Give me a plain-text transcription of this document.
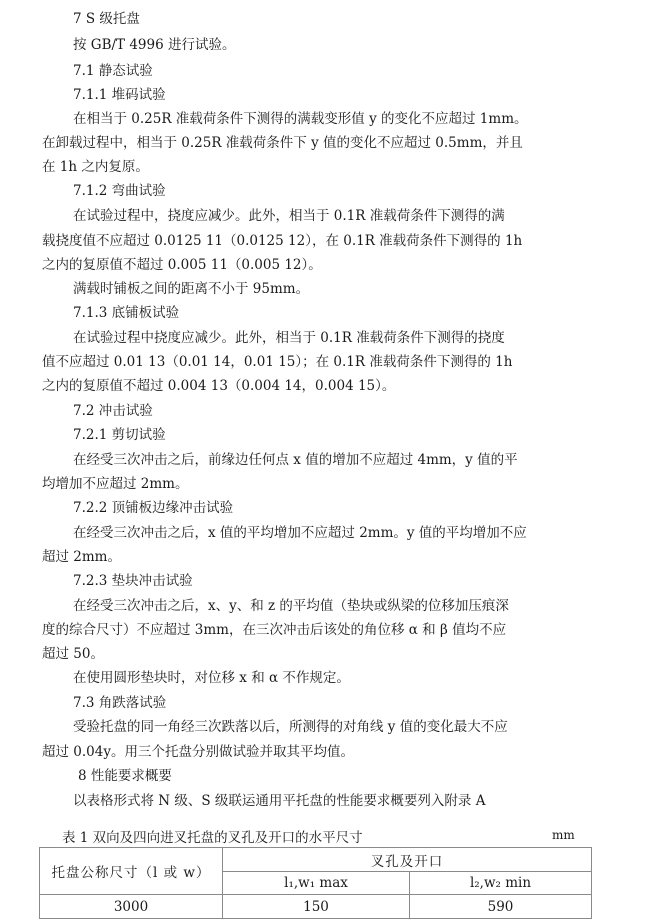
7 S 级托盘
按 GB/T 4996 进行试验。
7.1 静态试验
7.1.1 堆码试验
在相当于 0.25R 准载荷条件下测得的满载变形值 y 的变化不应超过 1mm。
在卸载过程中，相当于 0.25R 准载荷条件下 y 值的变化不应超过 0.5mm，并且
在 1h 之内复原。
7.1.2 弯曲试验
在试验过程中，挠度应减少。此外，相当于 0.1R 准载荷条件下测得的满
载挠度值不应超过 0.0125 11（0.0125 12），在 0.1R 准载荷条件下测得的 1h
之内的复原值不超过 0.005 11（0.005 12）。
满载时铺板之间的距离不小于 95mm。
7.1.3 底铺板试验
在试验过程中挠度应减少。此外，相当于 0.1R 准载荷条件下测得的挠度
值不应超过 0.01 13（0.01 14，0.01 15）；在 0.1R 准载荷条件下测得的 1h
之内的复原值不超过 0.004 13（0.004 14，0.004 15）。
7.2 冲击试验
7.2.1 剪切试验
在经受三次冲击之后，前缘边任何点 x 值的增加不应超过 4mm，y 值的平
均增加不应超过 2mm。
7.2.2 顶铺板边缘冲击试验
在经受三次冲击之后，x 值的平均增加不应超过 2mm。y 值的平均增加不应
超过 2mm。
7.2.3 垫块冲击试验
在经受三次冲击之后，x、y、和 z 的平均值（垫块或纵梁的位移加压痕深
度的综合尺寸）不应超过 3mm，在三次冲击后该处的角位移 α 和 β 值均不应
超过 50。
在使用圆形垫块时，对位移 x 和 α 不作规定。
7.3 角跌落试验
受验托盘的同一角经三次跌落以后，所测得的对角线 y 值的变化最大不应
超过 0.04y。用三个托盘分别做试验并取其平均值。
8 性能要求概要
以表格形式将 N 级、S 级联运通用平托盘的性能要求概要列入附录 A
表 1 双向及四向进叉托盘的叉孔及开口的水平尺寸	mm
托盘公称尺寸（l 或 w）	叉孔及开口	
	l₁,w₁ max	l₂,w₂ min
3000	150	590
